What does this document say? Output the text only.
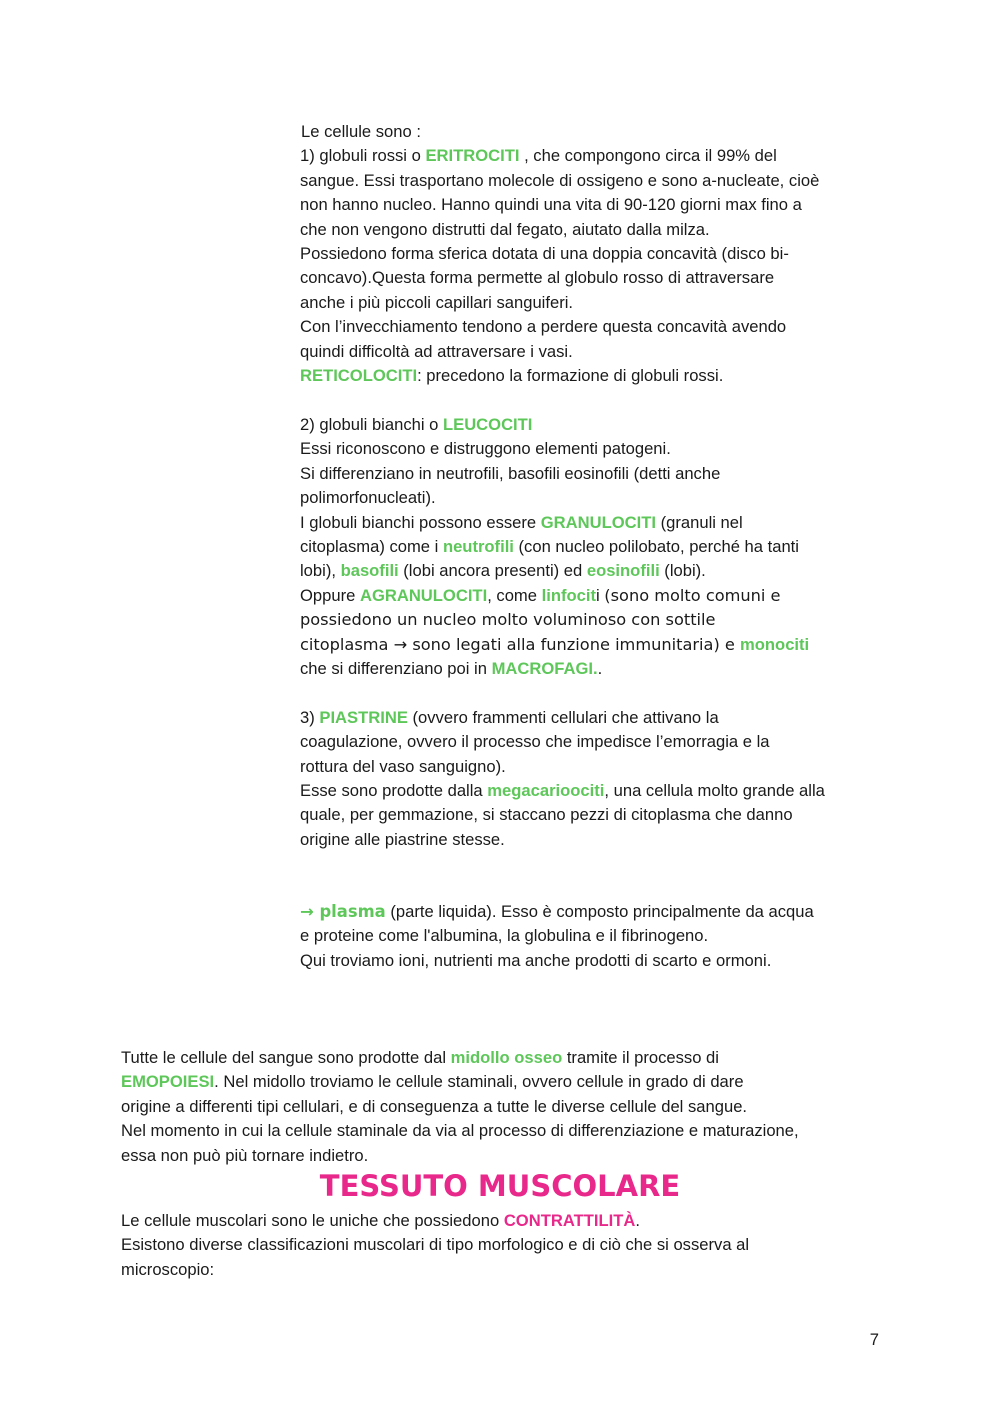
Le cellule sono :
1) globuli rossi o ERITROCITI , che compongono circa il 99% del
sangue. Essi trasportano molecole di ossigeno e sono a-nucleate, cioè
non hanno nucleo. Hanno quindi una vita di 90-120 giorni max fino a
che non vengono distrutti dal fegato, aiutato dalla milza.
Possiedono forma sferica dotata di una doppia concavità (disco bi-
concavo).Questa forma permette al globulo rosso di attraversare
anche i più piccoli capillari sanguiferi.
Con l’invecchiamento tendono a perdere questa concavità avendo
quindi difficoltà ad attraversare i vasi.
RETICOLOCITI: precedono la formazione di globuli rossi.

2) globuli bianchi o LEUCOCITI
Essi riconoscono e distruggono elementi patogeni.
Si differenziano in neutrofili, basofili eosinofili (detti anche
polimorfonucleati).
I globuli bianchi possono essere GRANULOCITI (granuli nel
citoplasma) come i neutrofili (con nucleo polilobato, perché ha tanti
lobi), basofili (lobi ancora presenti) ed eosinofili (lobi).
Oppure AGRANULOCITI, come linfociti (sono molto comuni e
possiedono un nucleo molto voluminoso con sottile
citoplasma → sono legati alla funzione immunitaria) e monociti
che si differenziano poi in MACROFAGI..

3) PIASTRINE (ovvero frammenti cellulari che attivano la
coagulazione, ovvero il processo che impedisce l’emorragia e la
rottura del vaso sanguigno).
Esse sono prodotte dalla megacarioociti, una cellula molto grande alla
quale, per gemmazione, si staccano pezzi di citoplasma che danno
origine alle piastrine stesse.
→ plasma (parte liquida). Esso è composto principalmente da acqua
e proteine come l'albumina, la globulina e il fibrinogeno.
Qui troviamo ioni, nutrienti ma anche prodotti di scarto e ormoni.
Tutte le cellule del sangue sono prodotte dal midollo osseo tramite il processo di
EMOPOIESI. Nel midollo troviamo le cellule staminali, ovvero cellule in grado di dare
origine a differenti tipi cellulari, e di conseguenza a tutte le diverse cellule del sangue.
Nel momento in cui la cellule staminale da via al processo di differenziazione e maturazione,
essa non può più tornare indietro.
TESSUTO MUSCOLARE
Le cellule muscolari sono le uniche che possiedono CONTRATTILITÀ.
Esistono diverse classificazioni muscolari di tipo morfologico e di ciò che si osserva al
microscopio:
7
